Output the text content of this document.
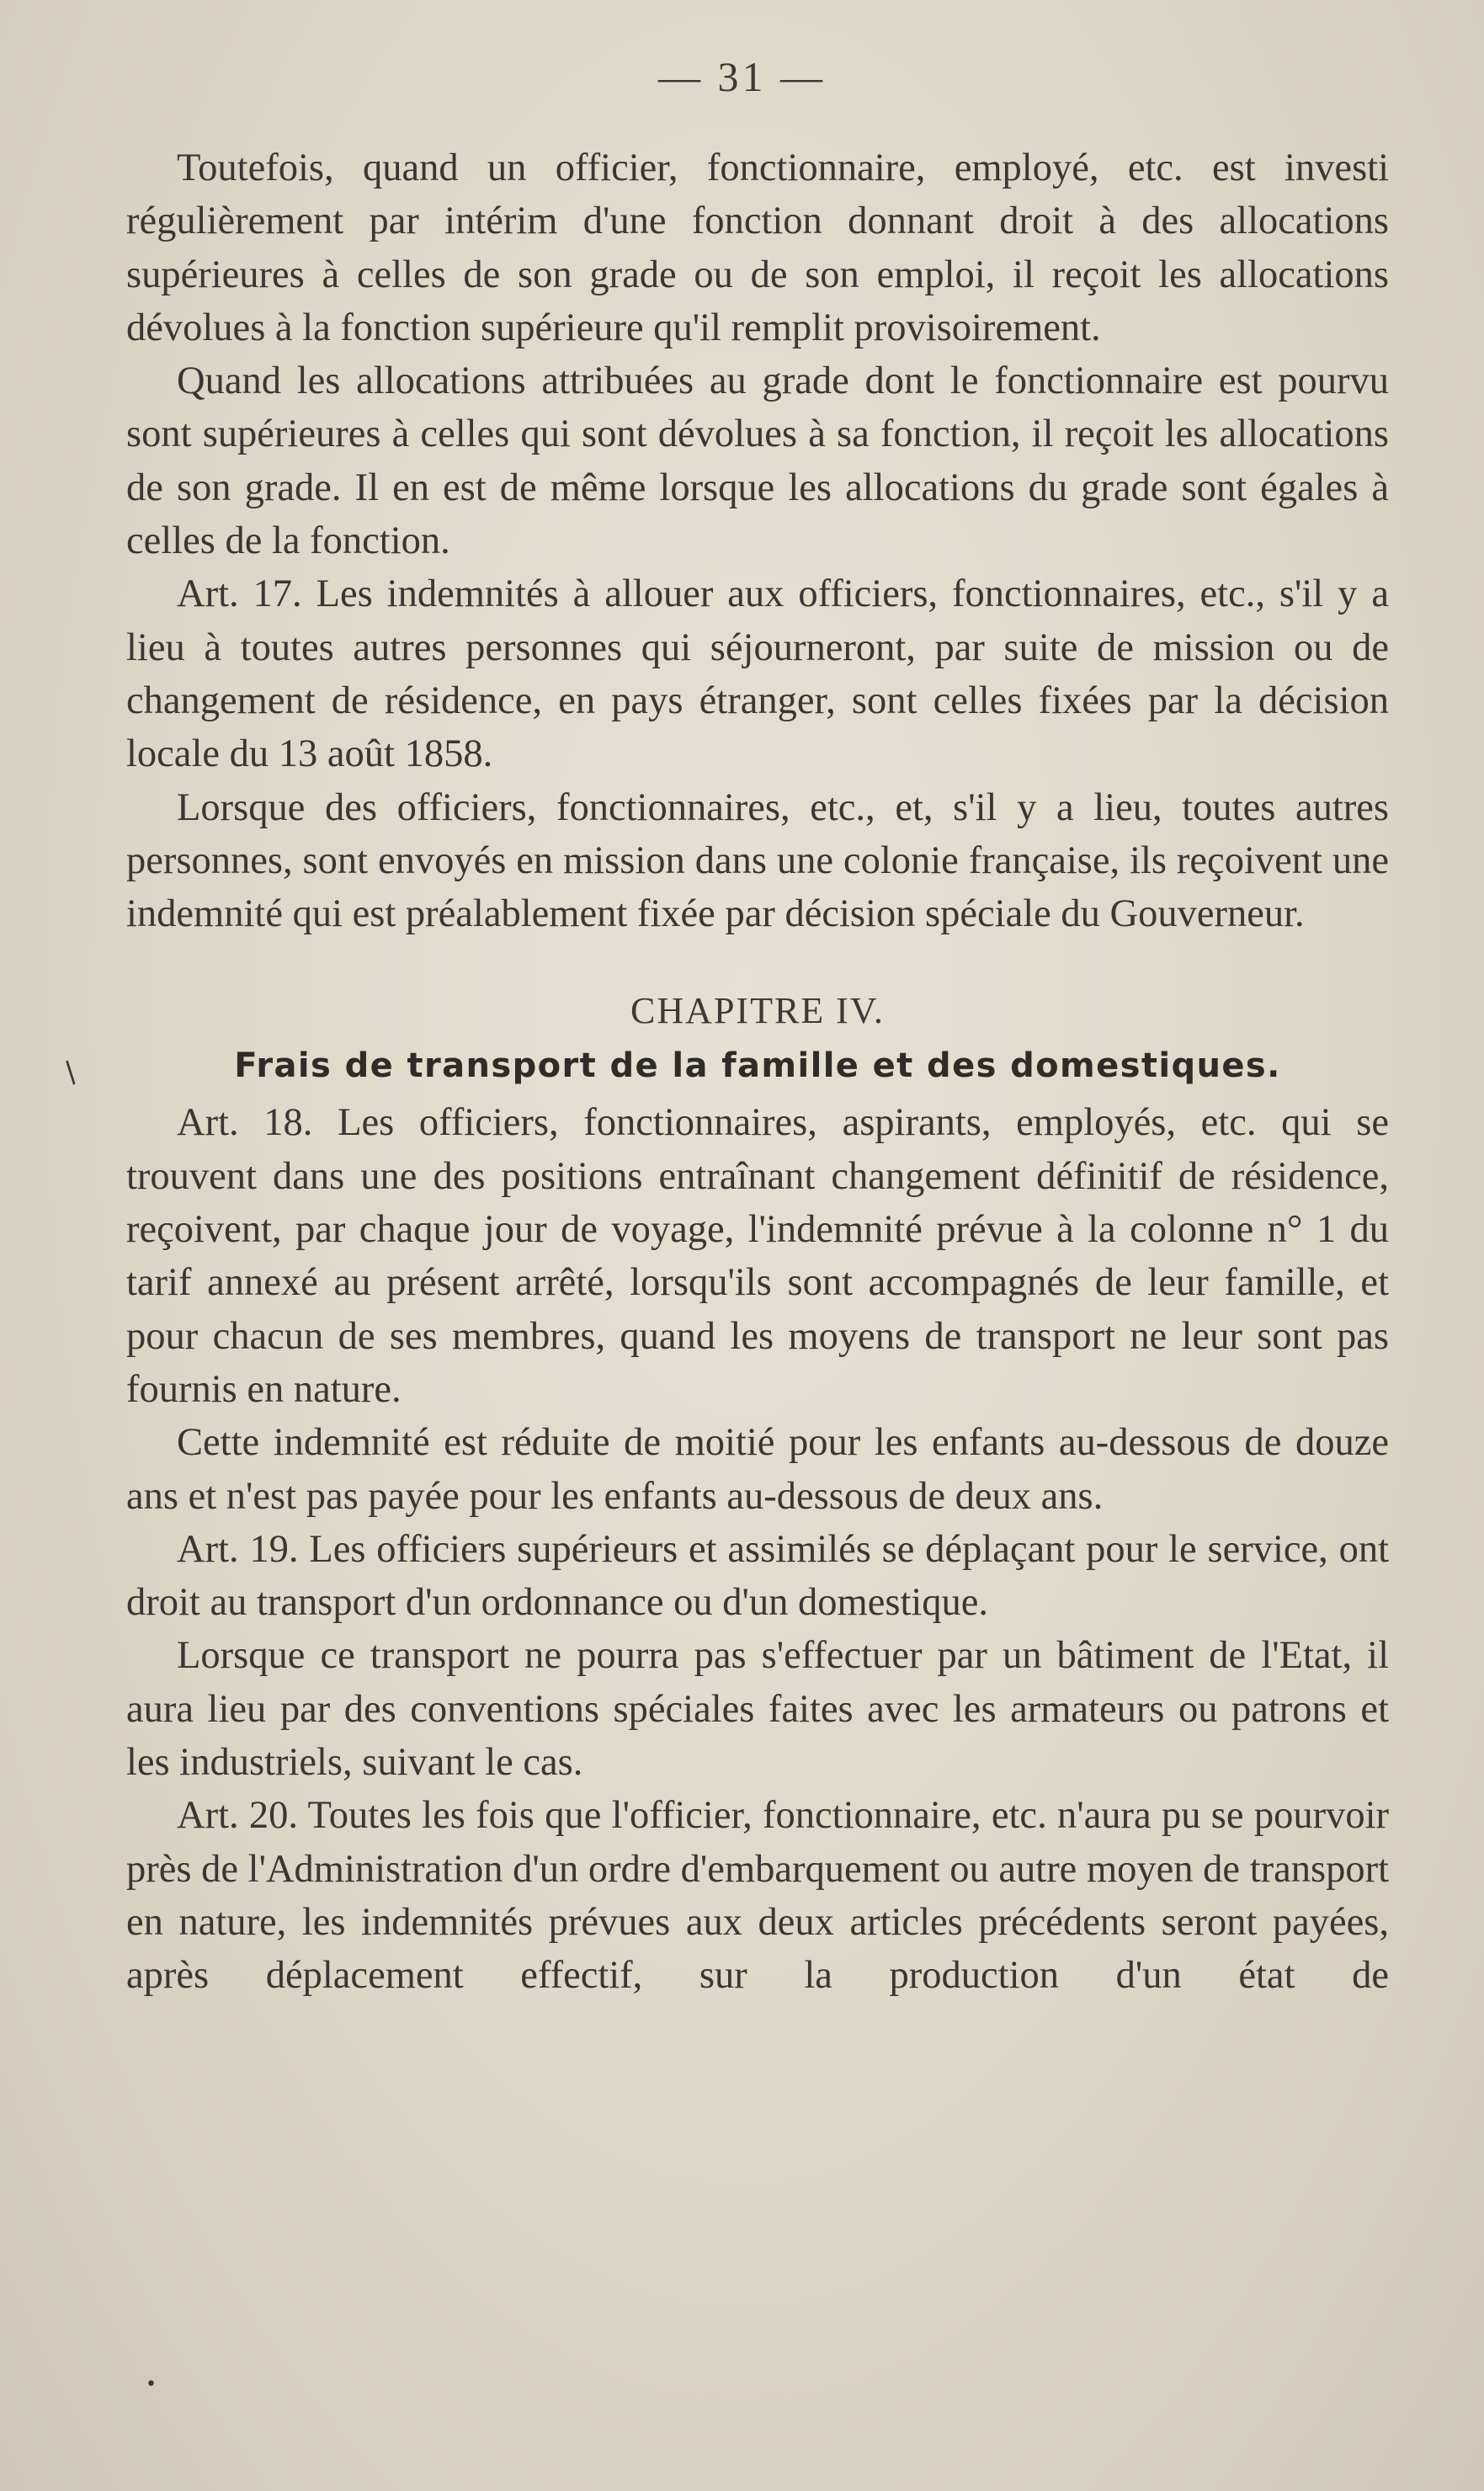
— 31 —

Toutefois, quand un officier, fonctionnaire, employé, etc. est investi régulièrement par intérim d'une fonction donnant droit à des allocations supérieures à celles de son grade ou de son emploi, il reçoit les allocations dévolues à la fonction supérieure qu'il remplit provisoirement.

Quand les allocations attribuées au grade dont le fonctionnaire est pourvu sont supérieures à celles qui sont dévolues à sa fonction, il reçoit les allocations de son grade. Il en est de même lorsque les allocations du grade sont égales à celles de la fonction.

Art. 17. Les indemnités à allouer aux officiers, fonctionnaires, etc., s'il y a lieu à toutes autres personnes qui séjourneront, par suite de mission ou de changement de résidence, en pays étranger, sont celles fixées par la décision locale du 13 août 1858.

Lorsque des officiers, fonctionnaires, etc., et, s'il y a lieu, toutes autres personnes, sont envoyés en mission dans une colonie française, ils reçoivent une indemnité qui est préalablement fixée par décision spéciale du Gouverneur.

CHAPITRE IV.
Frais de transport de la famille et des domestiques.

Art. 18. Les officiers, fonctionnaires, aspirants, employés, etc. qui se trouvent dans une des positions entraînant changement définitif de résidence, reçoivent, par chaque jour de voyage, l'indemnité prévue à la colonne n° 1 du tarif annexé au présent arrêté, lorsqu'ils sont accompagnés de leur famille, et pour chacun de ses membres, quand les moyens de transport ne leur sont pas fournis en nature.

Cette indemnité est réduite de moitié pour les enfants au-dessous de douze ans et n'est pas payée pour les enfants au-dessous de deux ans.

Art. 19. Les officiers supérieurs et assimilés se déplaçant pour le service, ont droit au transport d'un ordonnance ou d'un domestique.

Lorsque ce transport ne pourra pas s'effectuer par un bâtiment de l'Etat, il aura lieu par des conventions spéciales faites avec les armateurs ou patrons et les industriels, suivant le cas.

Art. 20. Toutes les fois que l'officier, fonctionnaire, etc. n'aura pu se pourvoir près de l'Administration d'un ordre d'embarquement ou autre moyen de transport en nature, les indemnités prévues aux deux articles précédents seront payées, après déplacement effectif, sur la production d'un état de

/
•
